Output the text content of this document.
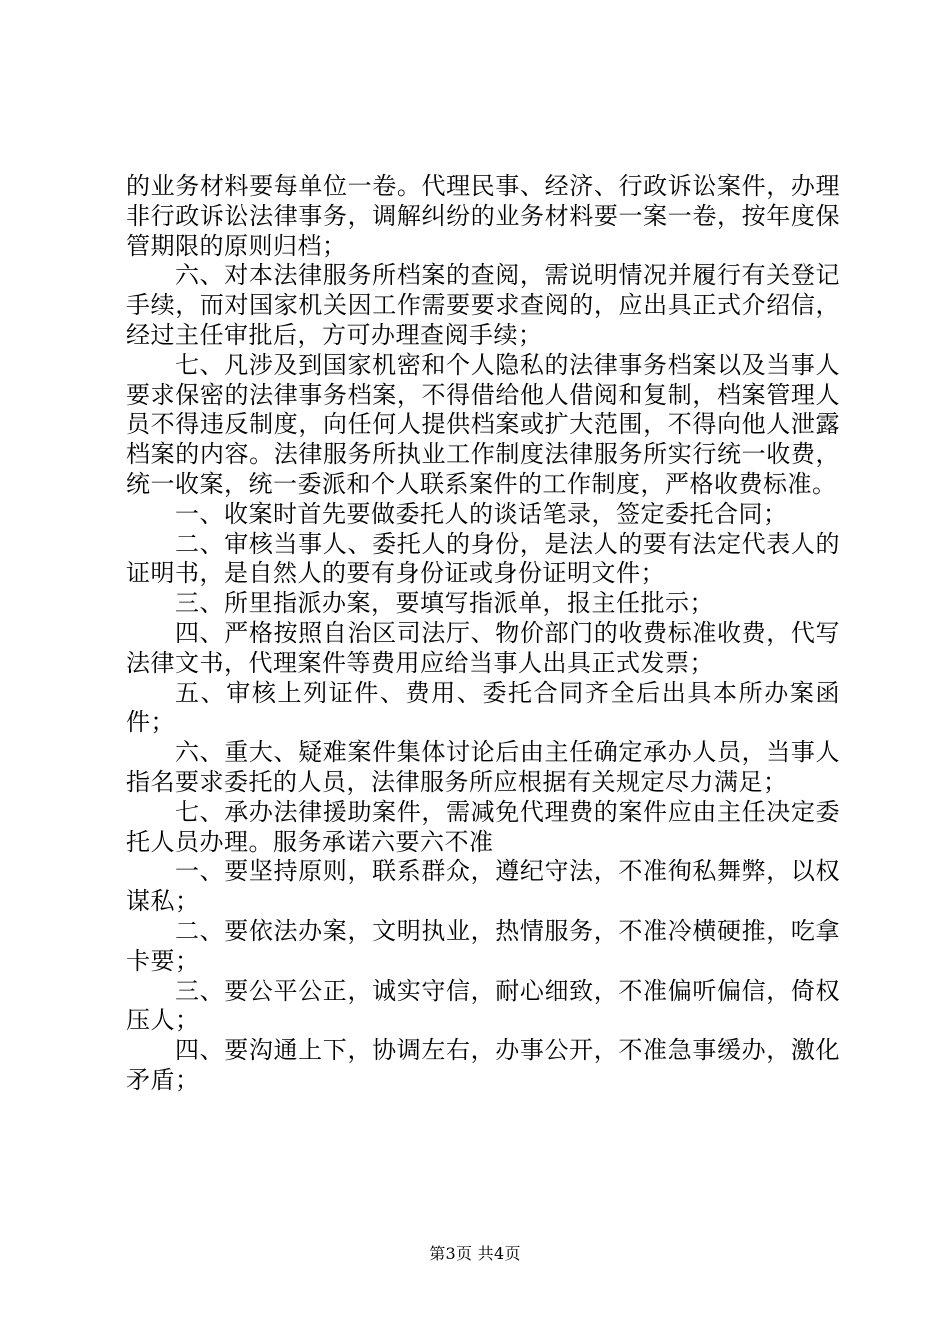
的业务材料要每单位一卷。代理民事、经济、行政诉讼案件，办理非行政诉讼法律事务，调解纠纷的业务材料要一案一卷，按年度保管期限的原则归档；

六、对本法律服务所档案的查阅，需说明情况并履行有关登记手续，而对国家机关因工作需要要求查阅的，应出具正式介绍信，经过主任审批后，方可办理查阅手续；

七、凡涉及到国家机密和个人隐私的法律事务档案以及当事人要求保密的法律事务档案，不得借给他人借阅和复制，档案管理人员不得违反制度，向任何人提供档案或扩大范围，不得向他人泄露档案的内容。法律服务所执业工作制度法律服务所实行统一收费，统一收案，统一委派和个人联系案件的工作制度，严格收费标准。

一、收案时首先要做委托人的谈话笔录，签定委托合同；

二、审核当事人、委托人的身份，是法人的要有法定代表人的证明书，是自然人的要有身份证或身份证明文件；

三、所里指派办案，要填写指派单，报主任批示；

四、严格按照自治区司法厅、物价部门的收费标准收费，代写法律文书，代理案件等费用应给当事人出具正式发票；

五、审核上列证件、费用、委托合同齐全后出具本所办案函件；

六、重大、疑难案件集体讨论后由主任确定承办人员，当事人指名要求委托的人员，法律服务所应根据有关规定尽力满足；

七、承办法律援助案件，需减免代理费的案件应由主任决定委托人员办理。服务承诺六要六不准

一、要坚持原则，联系群众，遵纪守法，不准徇私舞弊，以权谋私；

二、要依法办案，文明执业，热情服务，不准冷横硬推，吃拿卡要；

三、要公平公正，诚实守信，耐心细致，不准偏听偏信，倚权压人；

四、要沟通上下，协调左右，办事公开，不准急事缓办，激化矛盾；

第3页 共4页
